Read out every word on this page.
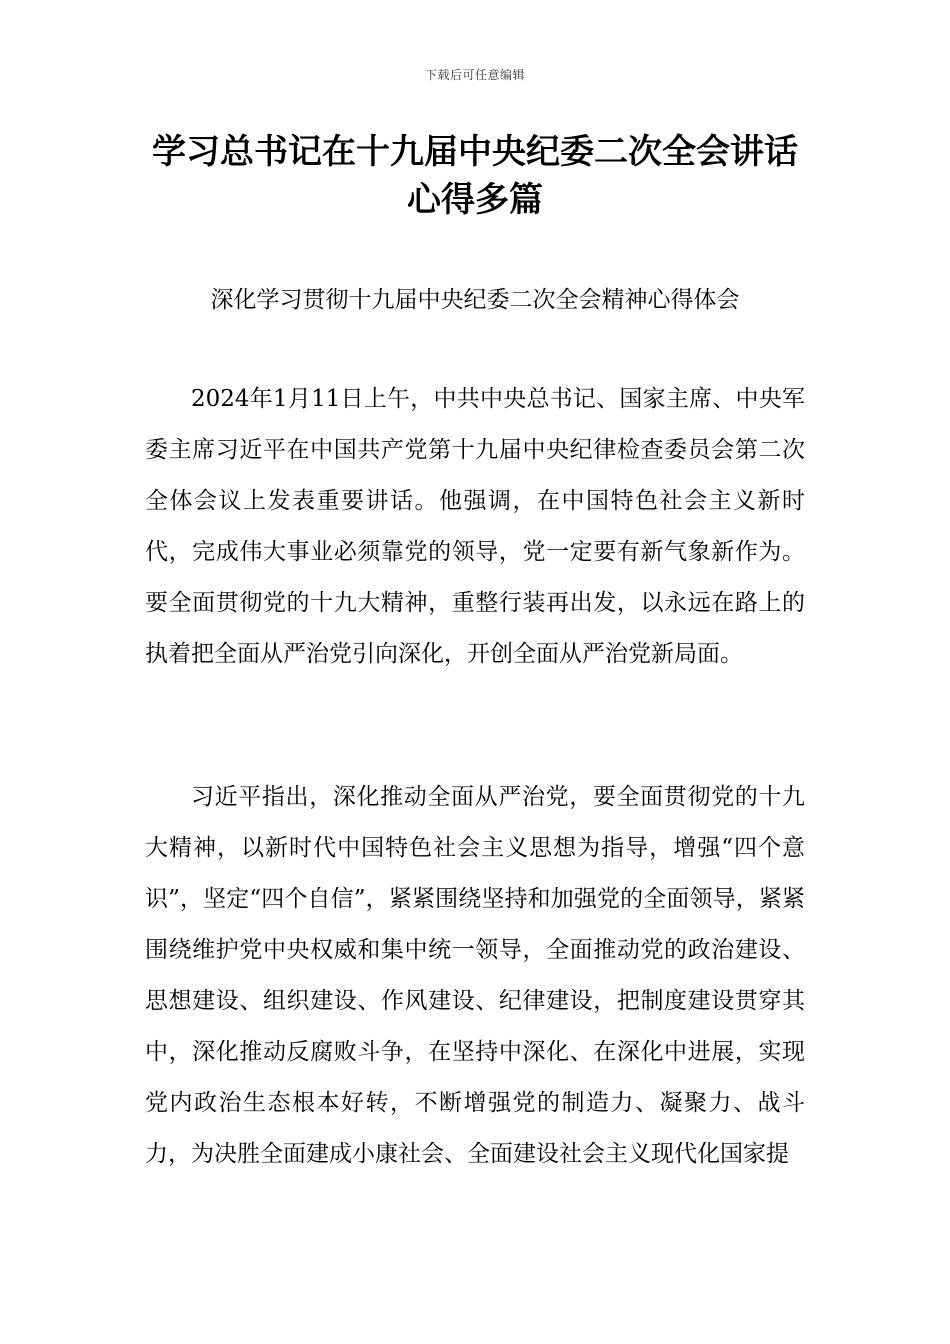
下载后可任意编辑
学习总书记在十九届中央纪委二次全会讲话心得多篇

深化学习贯彻十九届中央纪委二次全会精神心得体会

2024年1月11日上午，中共中央总书记、国家主席、中央军委主席习近平在中国共产党第十九届中央纪律检查委员会第二次全体会议上发表重要讲话。他强调，在中国特色社会主义新时代，完成伟大事业必须靠党的领导，党一定要有新气象新作为。要全面贯彻党的十九大精神，重整行装再出发，以永远在路上的执着把全面从严治党引向深化，开创全面从严治党新局面。

习近平指出，深化推动全面从严治党，要全面贯彻党的十九大精神，以新时代中国特色社会主义思想为指导，增强“四个意识”，坚定“四个自信”，紧紧围绕坚持和加强党的全面领导，紧紧围绕维护党中央权威和集中统一领导，全面推动党的政治建设、思想建设、组织建设、作风建设、纪律建设，把制度建设贯穿其中，深化推动反腐败斗争，在坚持中深化、在深化中进展，实现党内政治生态根本好转，不断增强党的制造力、凝聚力、战斗力，为决胜全面建成小康社会、全面建设社会主义现代化国家提
